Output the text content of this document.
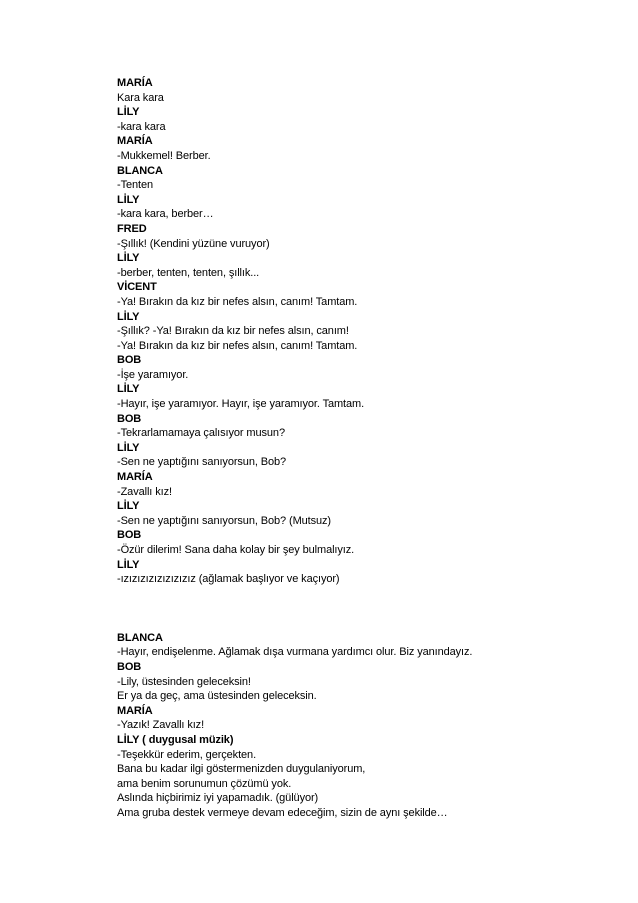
MARÍA
Kara kara
LİLY
-kara kara
MARÍA
-Mukkemel! Berber.
BLANCA
-Tenten
LİLY
-kara kara, berber…
FRED
-Şıllık! (Kendini yüzüne vuruyor)
LİLY
-berber, tenten, tenten, şıllık...
VİCENT
-Ya! Bırakın da kız bir nefes alsın, canım! Tamtam.
LİLY
-Şıllık? -Ya! Bırakın da kız bir nefes alsın, canım!
-Ya! Bırakın da kız bir nefes alsın, canım! Tamtam.
BOB
-İşe yaramıyor.
LİLY
-Hayır, işe yaramıyor. Hayır, işe yaramıyor. Tamtam.
BOB
-Tekrarlamamaya çalısıyor musun?
LİLY
-Sen ne yaptığını sanıyorsun, Bob?
MARÍA
-Zavallı kız!
LİLY
-Sen ne yaptığını sanıyorsun, Bob? (Mutsuz)
BOB
-Özür dilerim! Sana daha kolay bir şey bulmalıyız.
LİLY
-ızızızızızızızızız (ağlamak başlıyor ve kaçıyor)
BLANCA
-Hayır, endişelenme. Ağlamak dışa vurmana yardımcı olur. Biz yanındayız.
BOB
-Lily, üstesinden geleceksin!
Er ya da geç, ama üstesinden geleceksin.
MARÍA
-Yazık! Zavallı kız!
LİLY ( duygusal müzik)
-Teşekkür ederim, gerçekten.
Bana bu kadar ilgi göstermenizden duygulaniyorum,
ama benim sorunumun çözümü yok.
Aslında hiçbirimiz iyi yapamadık. (gülüyor)
Ama gruba destek vermeye devam edeceğim, sizin de aynı şekilde…
